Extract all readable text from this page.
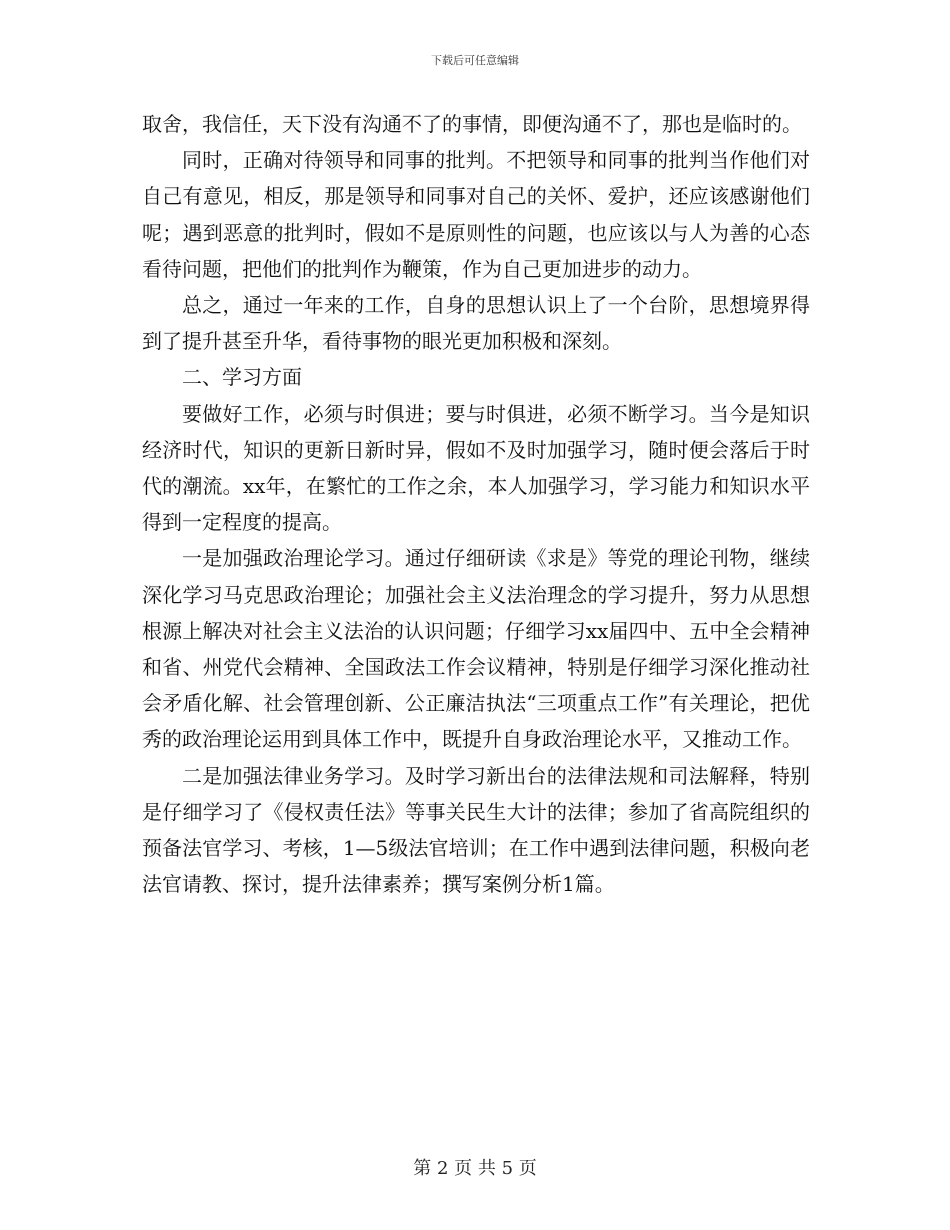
下载后可任意编辑

取舍，我信任，天下没有沟通不了的事情，即便沟通不了，那也是临时的。

同时，正确对待领导和同事的批判。不把领导和同事的批判当作他们对自己有意见，相反，那是领导和同事对自己的关怀、爱护，还应该感谢他们呢；遇到恶意的批判时，假如不是原则性的问题，也应该以与人为善的心态看待问题，把他们的批判作为鞭策，作为自己更加进步的动力。

总之，通过一年来的工作，自身的思想认识上了一个台阶，思想境界得到了提升甚至升华，看待事物的眼光更加积极和深刻。

二、学习方面

要做好工作，必须与时俱进；要与时俱进，必须不断学习。当今是知识经济时代，知识的更新日新时异，假如不及时加强学习，随时便会落后于时代的潮流。xx年，在繁忙的工作之余，本人加强学习，学习能力和知识水平得到一定程度的提高。

一是加强政治理论学习。通过仔细研读《求是》等党的理论刊物，继续深化学习马克思政治理论；加强社会主义法治理念的学习提升，努力从思想根源上解决对社会主义法治的认识问题；仔细学习xx届四中、五中全会精神和省、州党代会精神、全国政法工作会议精神，特别是仔细学习深化推动社会矛盾化解、社会管理创新、公正廉洁执法“三项重点工作”有关理论，把优秀的政治理论运用到具体工作中，既提升自身政治理论水平，又推动工作。

二是加强法律业务学习。及时学习新出台的法律法规和司法解释，特别是仔细学习了《侵权责任法》等事关民生大计的法律；参加了省高院组织的预备法官学习、考核，1—5级法官培训；在工作中遇到法律问题，积极向老法官请教、探讨，提升法律素养；撰写案例分析1篇。

第 2 页 共 5 页
